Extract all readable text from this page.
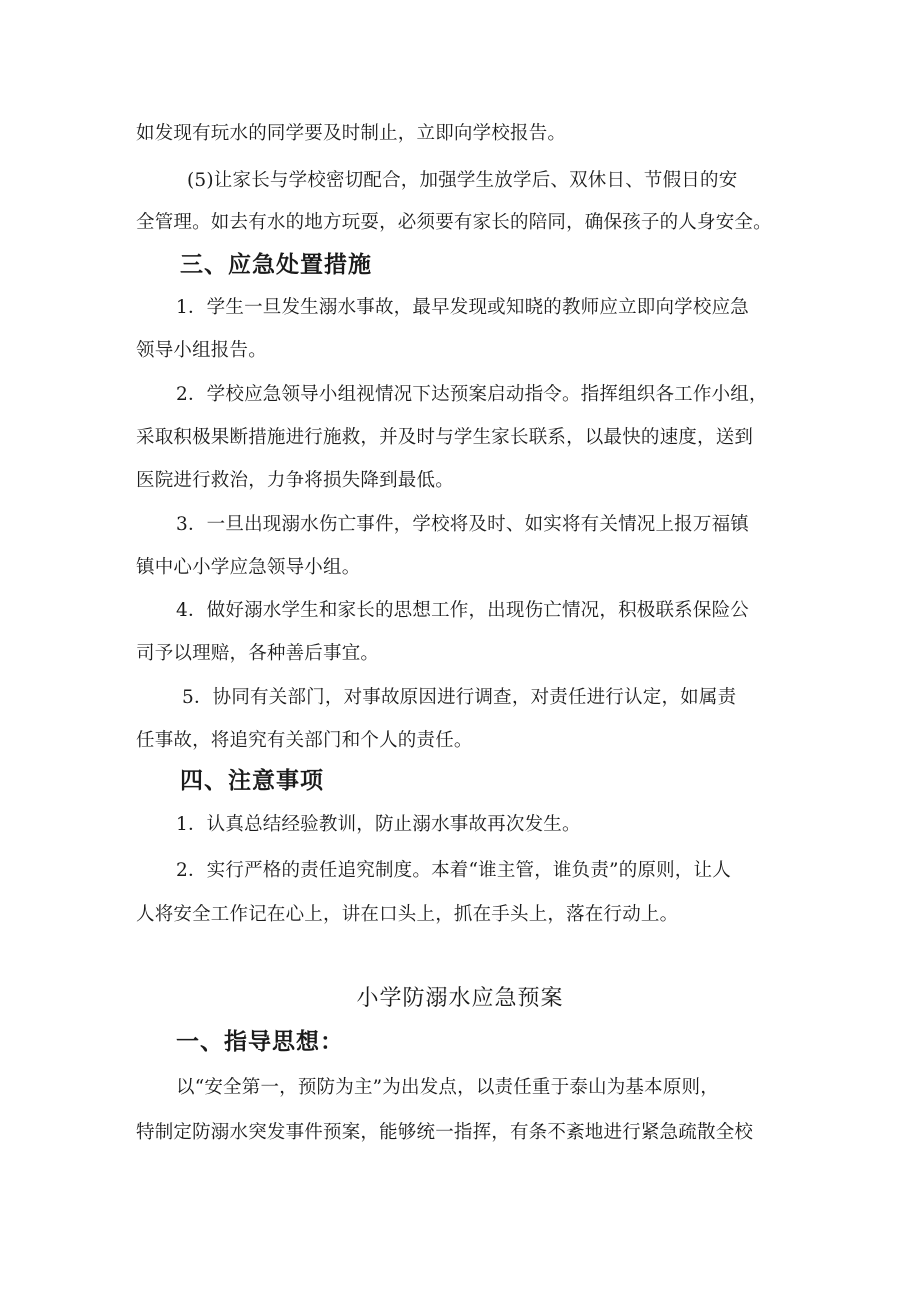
如发现有玩水的同学要及时制止，立即向学校报告。
(5)让家长与学校密切配合，加强学生放学后、双休日、节假日的安
全管理。如去有水的地方玩耍，必须要有家长的陪同，确保孩子的人身安全。
三、应急处置措施
1．学生一旦发生溺水事故，最早发现或知晓的教师应立即向学校应急
领导小组报告。
2．学校应急领导小组视情况下达预案启动指令。指挥组织各工作小组，
采取积极果断措施进行施救，并及时与学生家长联系，以最快的速度，送到
医院进行救治，力争将损失降到最低。
3．一旦出现溺水伤亡事件，学校将及时、如实将有关情况上报万福镇
镇中心小学应急领导小组。
4．做好溺水学生和家长的思想工作，出现伤亡情况，积极联系保险公
司予以理赔，各种善后事宜。
5．协同有关部门，对事故原因进行调查，对责任进行认定，如属责
任事故，将追究有关部门和个人的责任。
四、注意事项
1．认真总结经验教训，防止溺水事故再次发生。
2．实行严格的责任追究制度。本着“谁主管，谁负责”的原则，让人
人将安全工作记在心上，讲在口头上，抓在手头上，落在行动上。
小学防溺水应急预案
一、指导思想：
以“安全第一，预防为主”为出发点，以责任重于泰山为基本原则，
特制定防溺水突发事件预案，能够统一指挥，有条不紊地进行紧急疏散全校
